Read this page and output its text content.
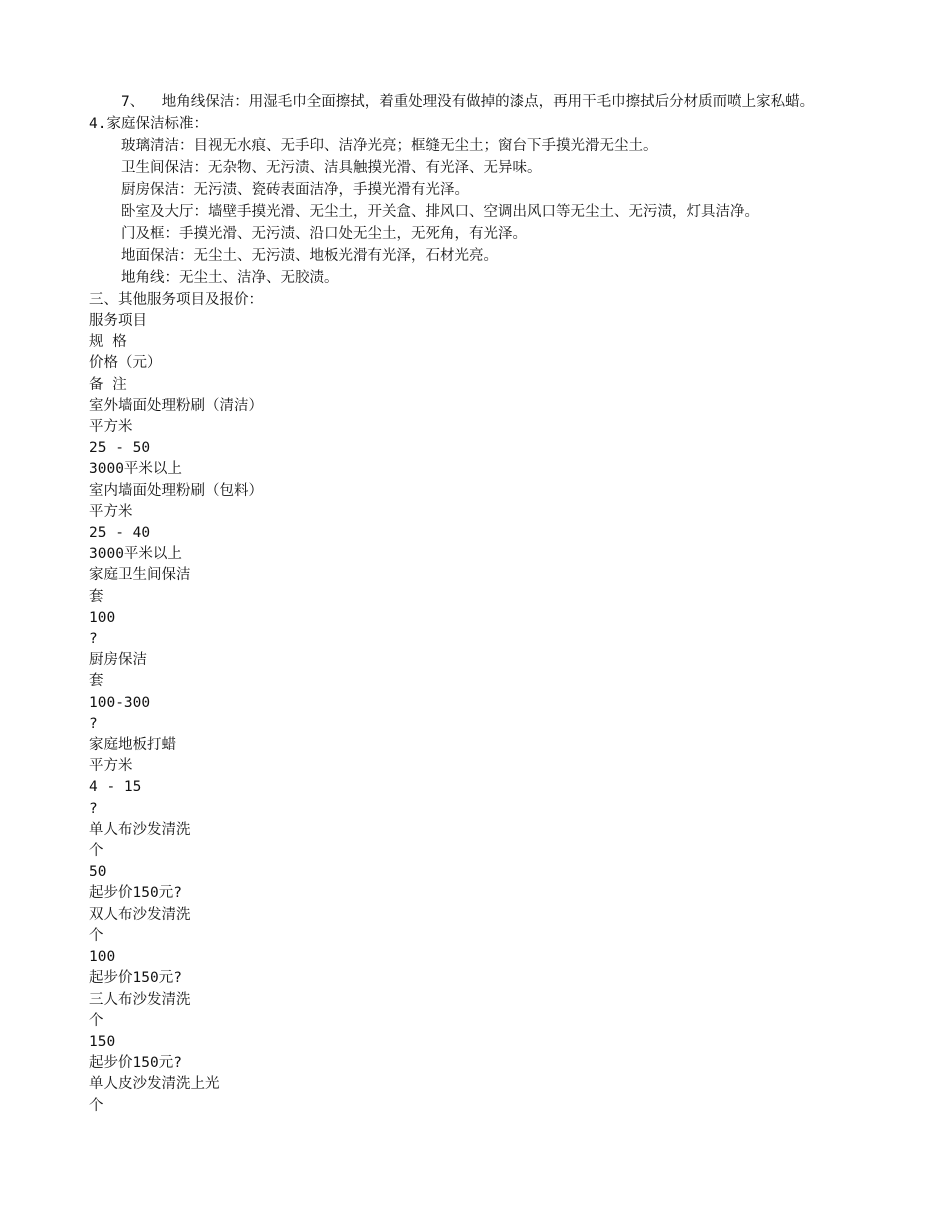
7、  地角线保洁：用湿毛巾全面擦拭，着重处理没有做掉的漆点，再用干毛巾擦拭后分材质而喷上家私蜡。
4.家庭保洁标准：
玻璃清洁：目视无水痕、无手印、洁净光亮；框缝无尘土；窗台下手摸光滑无尘土。
卫生间保洁：无杂物、无污渍、洁具触摸光滑、有光泽、无异味。
厨房保洁：无污渍、瓷砖表面洁净，手摸光滑有光泽。
卧室及大厅：墙壁手摸光滑、无尘土，开关盒、排风口、空调出风口等无尘土、无污渍，灯具洁净。
门及框：手摸光滑、无污渍、沿口处无尘土，无死角，有光泽。
地面保洁：无尘土、无污渍、地板光滑有光泽，石材光亮。
地角线：无尘土、洁净、无胶渍。
三、其他服务项目及报价：
服务项目
规 格
价格（元）
备 注
室外墙面处理粉刷（清洁）
平方米
25 - 50
3000平米以上
室内墙面处理粉刷（包料）
平方米
25 - 40
3000平米以上
家庭卫生间保洁
套
100
?
厨房保洁
套
100-300
?
家庭地板打蜡
平方米
4 - 15
?
单人布沙发清洗
个
50
起步价150元?
双人布沙发清洗
个
100
起步价150元?
三人布沙发清洗
个
150
起步价150元?
单人皮沙发清洗上光
个
